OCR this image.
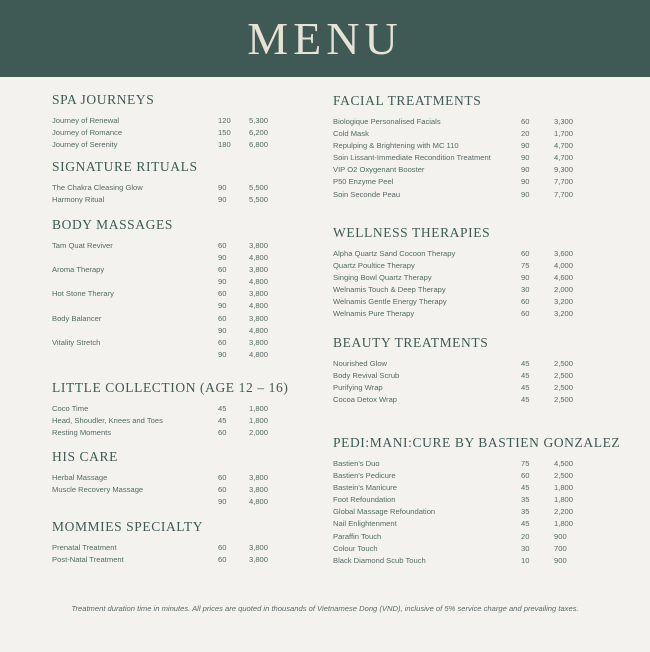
MENU
SPA JOURNEYS
Journey of Renewal	120 5,300
Journey of Romance	150 6,200
Journey of Serenity	180 6,800
SIGNATURE RITUALS
The Chakra Cleasing Glow	90	5,500
Harmony Ritual	90	5,500
BODY MASSAGES
Tam Quat Reviver	60	3,800
90	4,800
Aroma Therapy	60	3,800
90	4,800
Hot Stone Therary	60	3,800
90	4,800
Body Balancer	60	3,800
90	4,800
Vitality Stretch	60	3,800
90	4,800
LITTLE COLLECTION (AGE 12 – 16)
Coco Time	45	1,800
Head, Shoudler, Knees and Toes	45	1,800
Resting Moments	60	2,000
HIS CARE
Herbal Massage	60	3,800
Muscle Recovery Massage	60	3,800
90	4,800
MOMMIES SPECIALTY
Prenatal Treatment	60	3,800
Post-Natal Treatment	60	3,800
FACIAL TREATMENTS
Biologique Personalised Facials	60	3,300
Cold Mask	20	1,700
Repulping & Brightening with MC 110	90	4,700
Soin Lissant-Immediate Recondition Treatment	90	4,700
VIP O2 Oxygenant Booster	90	9,300
P50 Enzyme Peel	90	7,700
Soin Seconde Peau	90	7,700
WELLNESS THERAPIES
Alpha Quartz Sand Cocoon Therapy	60	3,600
Quartz Poultice Therapy	75	4,000
Singing Bowl Quartz Therapy	90	4,600
Welnamis Touch & Deep Therapy	30	2,000
Welnamis Gentle Energy Therapy	60	3,200
Welnamis Pure Therapy	60	3,200
BEAUTY TREATMENTS
Nourished Glow	45	2,500
Body Revival Scrub	45	2,500
Purifying Wrap	45	2,500
Cocoa Detox Wrap	45	2,500
PEDI:MANI:CURE BY BASTIEN GONZALEZ
Bastien's Duo	75	4,500
Bastien's Pedicure	60	2,500
Bastein's Manicure	45	1,800
Foot Refoundation	35	1,800
Global Massage Refoundation	35	2,200
Nail Enlightenment	45	1,800
Paraffin Touch	20	900
Colour Touch	30	700
Black Diamond Scub Touch	10	900
Treatment duration time in minutes. All prices are quoted in thousands of Vietnamese Dong (VND), inclusive of 5% service charge and prevailing taxes.
